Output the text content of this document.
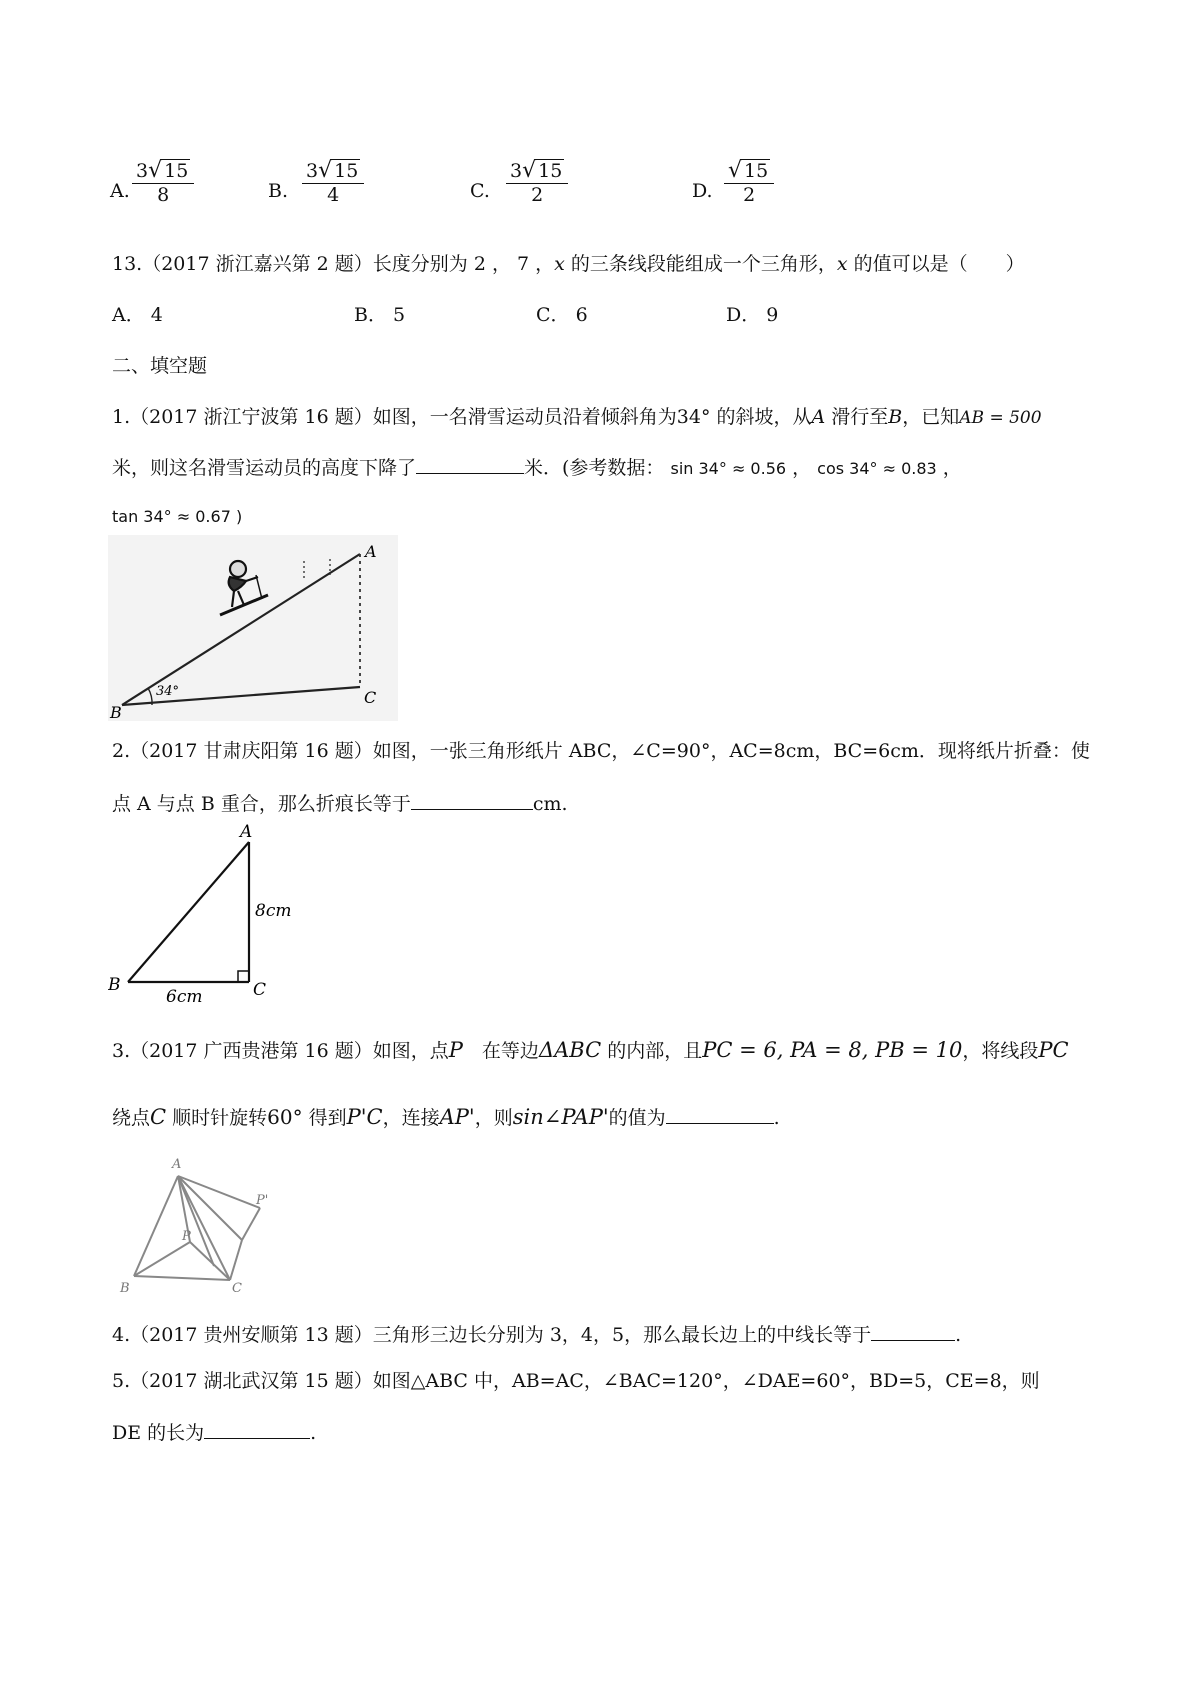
A. $\frac{3√ 15}{8}$	B. $\frac{3√ 15}{4}$	C. $\frac{3√ 15}{2}$	D. $\frac{√ 15}{2}$
13.（2017 浙江嘉兴第 2 题）长度分别为 2 ， 7 ，x 的三条线段能组成一个三角形，x 的值可以是（　　）
A． 4	B． 5	C． 6	D． 9
二、填空题
1.（2017 浙江宁波第 16 题）如图，一名滑雪运动员沿着倾斜角为34° 的斜坡，从A 滑行至B，已知AB = 500
米，则这名滑雪运动员的高度下降了	米．(参考数据： sin 34° ≈ 0.56 ， cos 34° ≈ 0.83 ，
tan 34° ≈ 0.67 )
34°
A
B
C
2.（2017 甘肃庆阳第 16 题）如图，一张三角形纸片 ABC，∠C=90°，AC=8cm，BC=6cm．现将纸片折叠：使
点 A 与点 B 重合，那么折痕长等于	cm.
A
B	C
8cm
6cm
3.（2017 广西贵港第 16 题）如图，点P　在等边ΔABC 的内部，且PC = 6, PA = 8, PB = 10，将线段PC
绕点C 顺时针旋转60° 得到P'C，连接AP'，则sin∠PAP'的值为	.
A
B	C
P
P'
4.（2017 贵州安顺第 13 题）三角形三边长分别为 3，4，5，那么最长边上的中线长等于	.
5.（2017 湖北武汉第 15 题）如图△ABC 中，AB=AC，∠BAC=120°，∠DAE=60°，BD=5，CE=8，则
DE 的长为	.
